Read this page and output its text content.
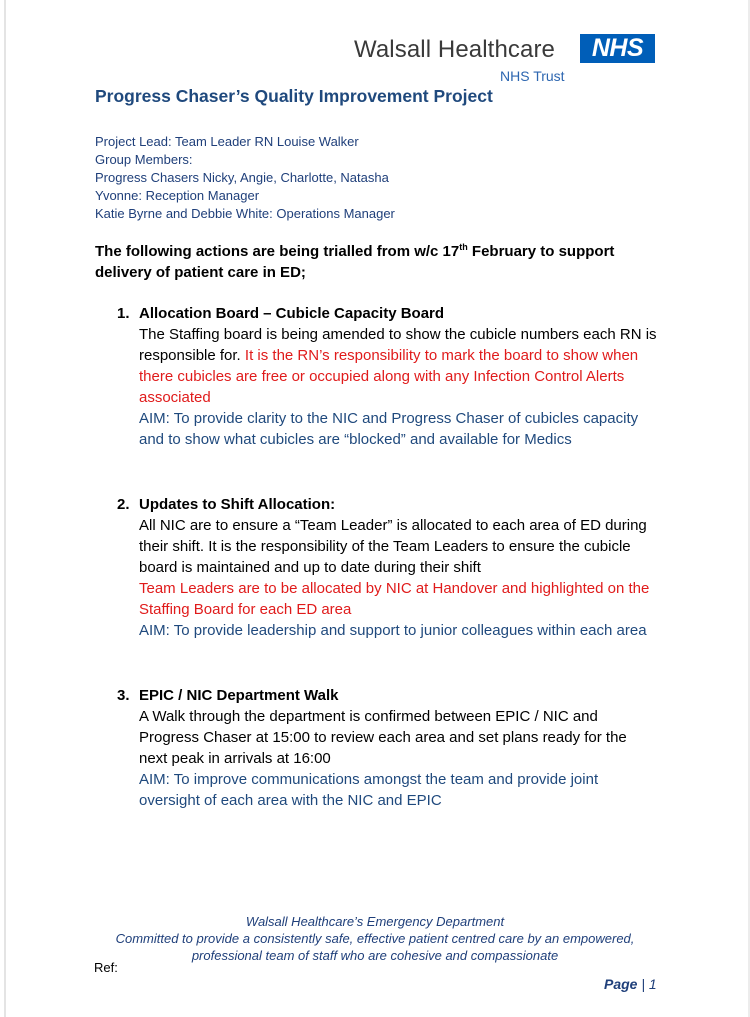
Walsall Healthcare	NHS
NHS Trust
Progress Chaser’s Quality Improvement Project
Project Lead: Team Leader RN Louise Walker
Group Members:
Progress Chasers Nicky, Angie, Charlotte, Natasha
Yvonne: Reception Manager
Katie Byrne and Debbie White: Operations Manager
The following actions are being trialled from w/c 17th February to support delivery of patient care in ED;
1. Allocation Board – Cubicle Capacity Board
The Staffing board is being amended to show the cubicle numbers each RN is responsible for. It is the RN’s responsibility to mark the board to show when there cubicles are free or occupied along with any Infection Control Alerts associated
AIM: To provide clarity to the NIC and Progress Chaser of cubicles capacity and to show what cubicles are “blocked” and available for Medics
2. Updates to Shift Allocation:
All NIC are to ensure a “Team Leader” is allocated to each area of ED during their shift. It is the responsibility of the Team Leaders to ensure the cubicle board is maintained and up to date during their shift
Team Leaders are to be allocated by NIC at Handover and highlighted on the Staffing Board for each ED area
AIM: To provide leadership and support to junior colleagues within each area
3. EPIC / NIC Department Walk
A Walk through the department is confirmed between EPIC / NIC and Progress Chaser at 15:00 to review each area and set plans ready for the next peak in arrivals at 16:00
AIM: To improve communications amongst the team and provide joint oversight of each area with the NIC and EPIC
Walsall Healthcare’s Emergency Department
Committed to provide a consistently safe, effective patient centred care by an empowered, professional team of staff who are cohesive and compassionate
Ref:
Page | 1
